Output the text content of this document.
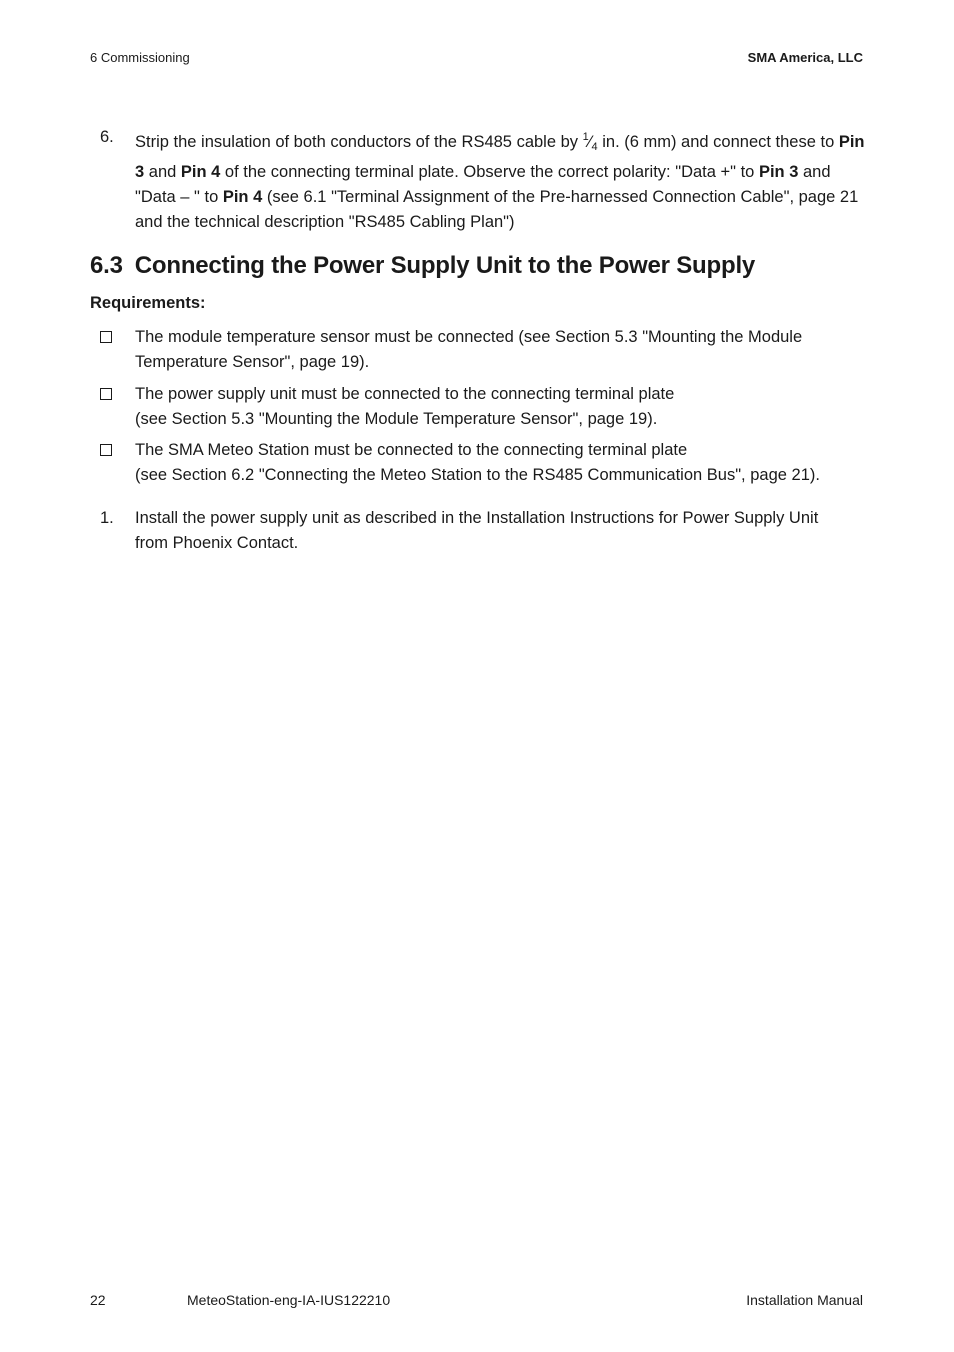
6 Commissioning	SMA America, LLC
6. Strip the insulation of both conductors of the RS485 cable by $^1⁄_4$ in. (6 mm) and connect these to Pin 3 and Pin 4 of the connecting terminal plate. Observe the correct polarity: "Data +" to Pin 3 and "Data – " to Pin 4 (see 6.1 "Terminal Assignment of the Pre-harnessed Connection Cable", page 21 and the technical description "RS485 Cabling Plan")
6.3 Connecting the Power Supply Unit to the Power Supply
Requirements:
The module temperature sensor must be connected (see Section 5.3 "Mounting the Module
Temperature Sensor", page 19).
The power supply unit must be connected to the connecting terminal plate
(see Section 5.3 "Mounting the Module Temperature Sensor", page 19).
The SMA Meteo Station must be connected to the connecting terminal plate
(see Section 6.2 "Connecting the Meteo Station to the RS485 Communication Bus", page 21).
1. Install the power supply unit as described in the Installation Instructions for Power Supply Unit
from Phoenix Contact.
22	MeteoStation-eng-IA-IUS122210	Installation Manual
